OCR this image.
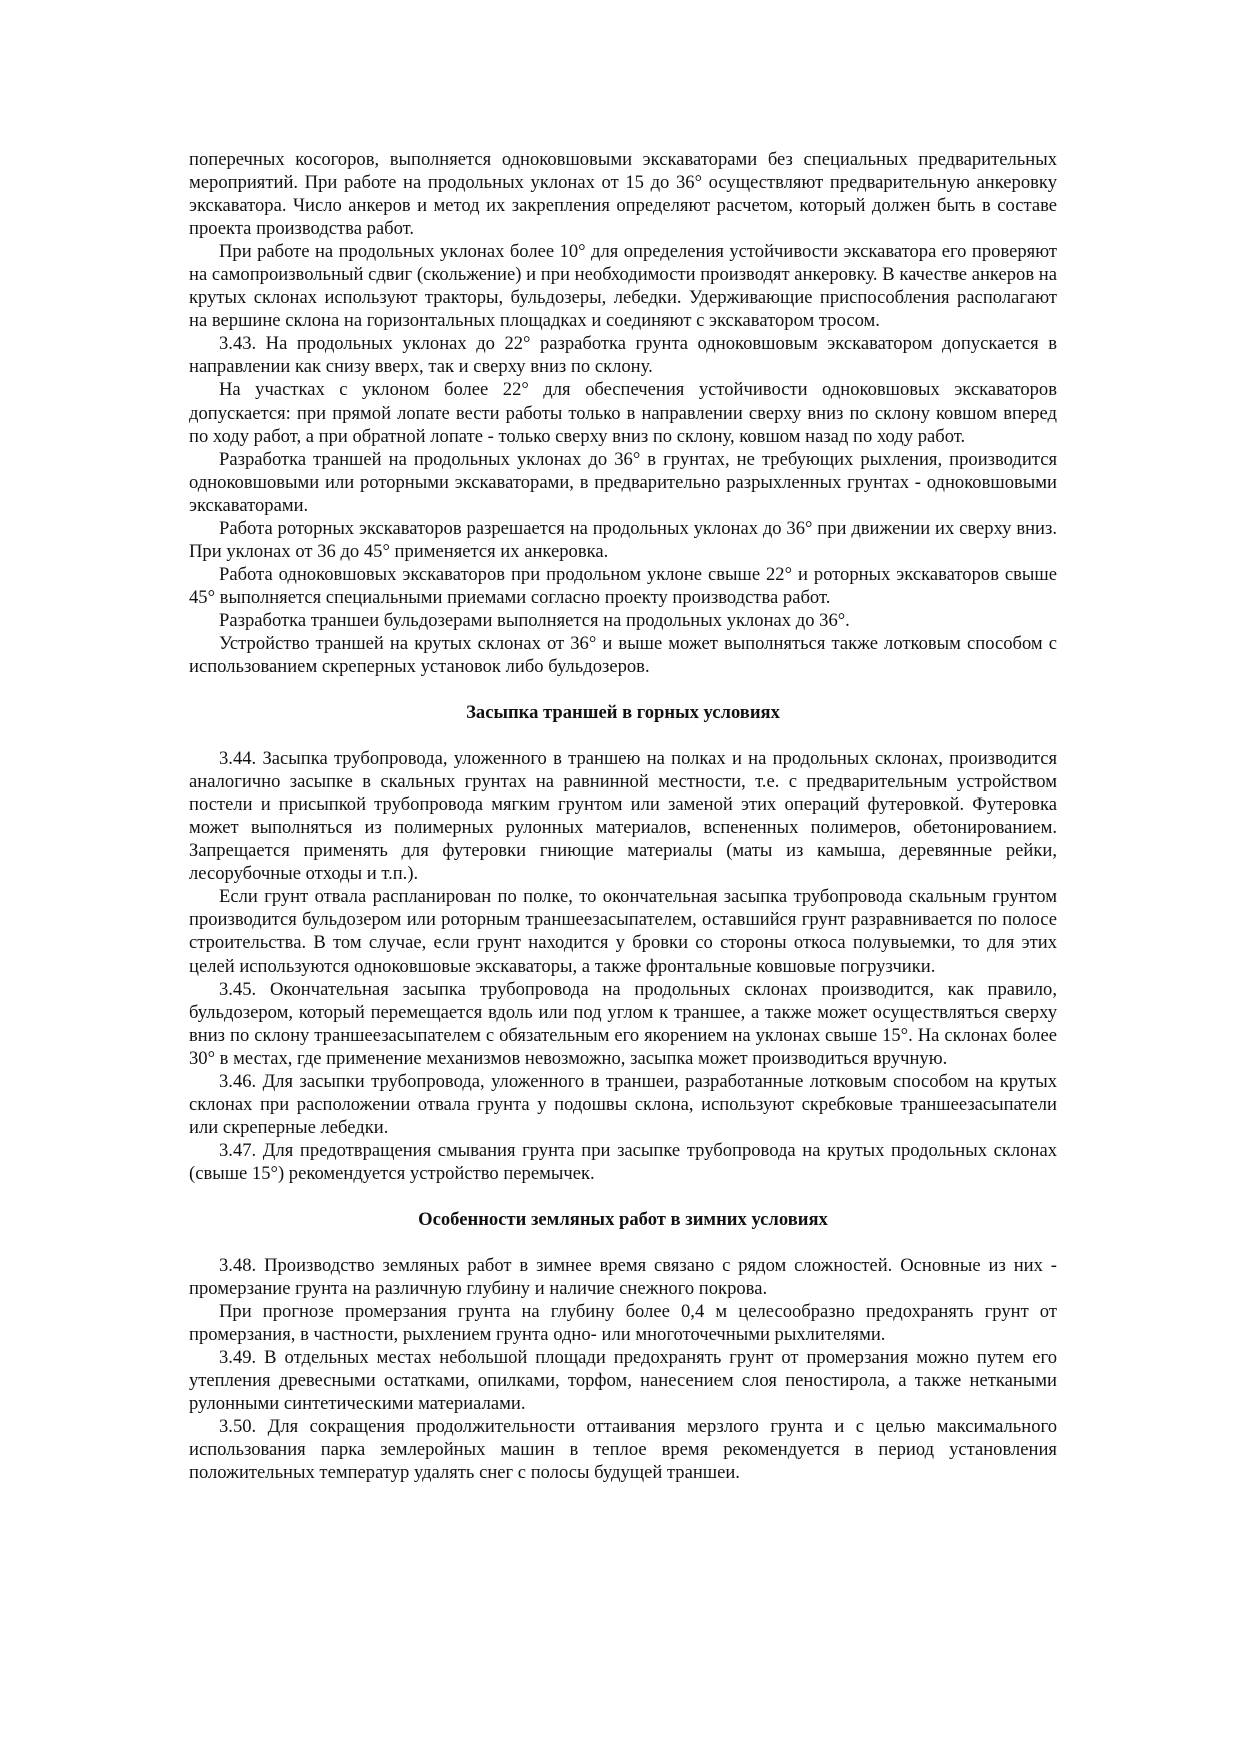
поперечных косогоров, выполняется одноковшовыми экскаваторами без специальных предварительных мероприятий. При работе на продольных уклонах от 15 до 36° осуществляют предварительную анкеровку экскаватора. Число анкеров и метод их закрепления определяют расчетом, который должен быть в составе проекта производства работ.

При работе на продольных уклонах более 10° для определения устойчивости экскаватора его проверяют на самопроизвольный сдвиг (скольжение) и при необходимости производят анкеровку. В качестве анкеров на крутых склонах используют тракторы, бульдозеры, лебедки. Удерживающие приспособления располагают на вершине склона на горизонтальных площадках и соединяют с экскаватором тросом.

3.43. На продольных уклонах до 22° разработка грунта одноковшовым экскаватором допускается в направлении как снизу вверх, так и сверху вниз по склону.

На участках с уклоном более 22° для обеспечения устойчивости одноковшовых экскаваторов допускается: при прямой лопате вести работы только в направлении сверху вниз по склону ковшом вперед по ходу работ, а при обратной лопате - только сверху вниз по склону, ковшом назад по ходу работ.

Разработка траншей на продольных уклонах до 36° в грунтах, не требующих рыхления, производится одноковшовыми или роторными экскаваторами, в предварительно разрыхленных грунтах - одноковшовыми экскаваторами.

Работа роторных экскаваторов разрешается на продольных уклонах до 36° при движении их сверху вниз. При уклонах от 36 до 45° применяется их анкеровка.

Работа одноковшовых экскаваторов при продольном уклоне свыше 22° и роторных экскаваторов свыше 45° выполняется специальными приемами согласно проекту производства работ.

Разработка траншеи бульдозерами выполняется на продольных уклонах до 36°.

Устройство траншей на крутых склонах от 36° и выше может выполняться также лотковым способом с использованием скреперных установок либо бульдозеров.

Засыпка траншей в горных условиях

3.44. Засыпка трубопровода, уложенного в траншею на полках и на продольных склонах, производится аналогично засыпке в скальных грунтах на равнинной местности, т.е. с предварительным устройством постели и присыпкой трубопровода мягким грунтом или заменой этих операций футеровкой. Футеровка может выполняться из полимерных рулонных материалов, вспененных полимеров, обетонированием. Запрещается применять для футеровки гниющие материалы (маты из камыша, деревянные рейки, лесорубочные отходы и т.п.).

Если грунт отвала распланирован по полке, то окончательная засыпка трубопровода скальным грунтом производится бульдозером или роторным траншеезасыпателем, оставшийся грунт разравнивается по полосе строительства. В том случае, если грунт находится у бровки со стороны откоса полувыемки, то для этих целей используются одноковшовые экскаваторы, а также фронтальные ковшовые погрузчики.

3.45. Окончательная засыпка трубопровода на продольных склонах производится, как правило, бульдозером, который перемещается вдоль или под углом к траншее, а также может осуществляться сверху вниз по склону траншеезасыпателем с обязательным его якорением на уклонах свыше 15°. На склонах более 30° в местах, где применение механизмов невозможно, засыпка может производиться вручную.

3.46. Для засыпки трубопровода, уложенного в траншеи, разработанные лотковым способом на крутых склонах при расположении отвала грунта у подошвы склона, используют скребковые траншеезасыпатели или скреперные лебедки.

3.47. Для предотвращения смывания грунта при засыпке трубопровода на крутых продольных склонах (свыше 15°) рекомендуется устройство перемычек.

Особенности земляных работ в зимних условиях

3.48. Производство земляных работ в зимнее время связано с рядом сложностей. Основные из них - промерзание грунта на различную глубину и наличие снежного покрова.

При прогнозе промерзания грунта на глубину более 0,4 м целесообразно предохранять грунт от промерзания, в частности, рыхлением грунта одно- или многоточечными рыхлителями.

3.49. В отдельных местах небольшой площади предохранять грунт от промерзания можно путем его утепления древесными остатками, опилками, торфом, нанесением слоя пеностирола, а также неткаными рулонными синтетическими материалами.

3.50. Для сокращения продолжительности оттаивания мерзлого грунта и с целью максимального использования парка землеройных машин в теплое время рекомендуется в период установления положительных температур удалять снег с полосы будущей траншеи.
